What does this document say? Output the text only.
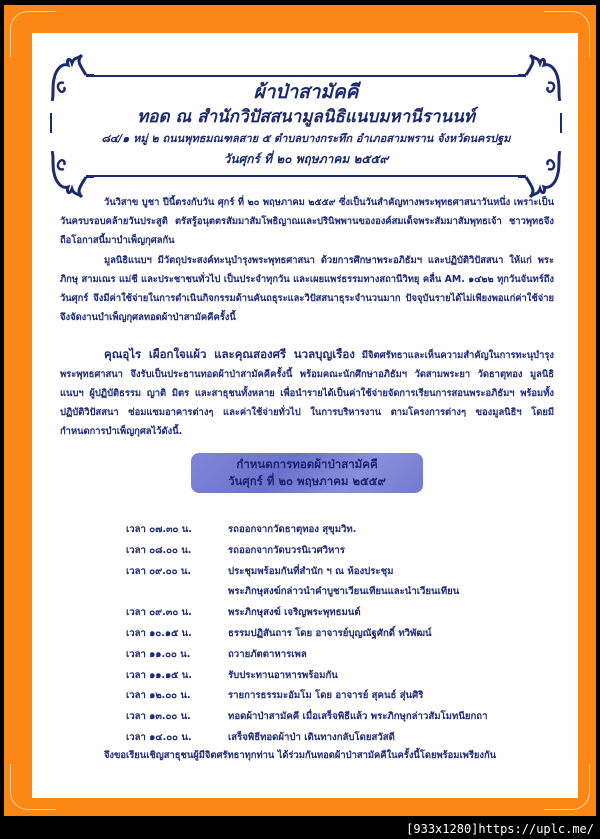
ผ้าป่าสามัคคี
ทอด ณ สำนักวิปัสสนามูลนิธิแนบมหานีรานนท์
๘๔/๑ หมู่ ๒ ถนนพุทธมณฑลสาย ๕ ตำบลบางกระทึก อำเภอสามพราน จังหวัดนครปฐม
วันศุกร์ ที่ ๒๐ พฤษภาคม ๒๕๕๙
วันวิสาข บูชา ปีนี้ตรงกับวัน ศุกร์ ที่ ๒๐ พฤษภาคม ๒๕๕๙ ซึ่งเป็นวันสำคัญทางพระพุทธศาสนาวันหนึ่ง เพราะเป็นวันครบรอบคล้ายวันประสูติ ตรัสรู้อนุตตรสัมมาสัมโพธิญาณและปรินิพพานขององค์สมเด็จพระสัมมาสัมพุทธเจ้า ชาวพุทธจึงถือโอกาสนี้มาบำเพ็ญกุศลกัน
มูลนิธิแนบฯ มีวัตถุประสงค์ทะนุบำรุงพระพุทธศาสนา ด้วยการศึกษาพระอภิธัมฯ และปฏิบัติวิปัสสนา ให้แก่ พระภิกษุ สามเณร แม่ชี และประชาชนทั่วไป เป็นประจำทุกวัน และเผยแพร่ธรรมทางสถานีวิทยุ คลื่น AM. ๑๔๒๒ ทุกวันจันทร์ถึงวันศุกร์ จึงมีค่าใช้จ่ายในการดำเนินกิจกรรมด้านคันถธุระและวิปัสสนาธุระจำนวนมาก ปัจจุบันรายได้ไม่เพียงพอแก่ค่าใช้จ่าย จึงจัดงานบำเพ็ญกุศลทอดผ้าป่าสามัคคีครั้งนี้
คุณอุไร เผือกใจแผ้ว และคุณสองศรี นวลบุญเรือง มีจิตศรัทธาและเห็นความสำคัญในการทะนุบำรุงพระพุทธศาสนา จึงรับเป็นประธานทอดผ้าป่าสามัคคีครั้งนี้ พร้อมคณะนักศึกษาอภิธัมฯ วัดสามพระยา วัดธาตุทอง มูลนิธิแนบฯ ผู้ปฏิบัติธรรม ญาติ มิตร และสาธุชนทั้งหลาย เพื่อนำรายได้เป็นค่าใช้จ่ายจัดการเรียนการสอนพระอภิธัมฯ พร้อมทั้งปฏิบัติวิปัสสนา ซ่อมแซมอาคารต่างๆ และค่าใช้จ่ายทั่วไป ในการบริหารงาน ตามโครงการต่างๆ ของมูลนิธิฯ โดยมีกำหนดการบำเพ็ญกุศลไว้ดังนี้.
กำหนดการทอดผ้าป่าสามัคคี
วันศุกร์ ที่ ๒๐ พฤษภาคม ๒๕๕๙
เวลา ๐๗.๓๐ น.	รถออกจากวัดธาตุทอง สุขุมวิท.
เวลา ๐๘.๐๐ น.	รถออกจากวัดบวรนิเวศวิหาร
เวลา ๐๙.๐๐ น.	ประชุมพร้อมกันที่สำนัก ฯ ณ ห้องประชุม
พระภิกษุสงฆ์กล่าวนำคำบูชาเวียนเทียนและนำเวียนเทียน
เวลา ๐๙.๓๐ น.	พระภิกษุสงฆ์ เจริญพระพุทธมนต์
เวลา ๑๐.๑๕ น.	ธรรมปฏิสันถาร โดย อาจารย์บุญณัฐศักดิ์ ทวิพัฒน์
เวลา ๑๑.๐๐ น.	ถวายภัตตาหารเพล
เวลา ๑๑.๑๕ น.	รับประทานอาหารพร้อมกัน
เวลา ๑๒.๐๐ น.	รายการธรรมะอัมโม โดย อาจารย์ สุคนธ์ สุ่นศิริ
เวลา ๑๓.๐๐ น.	ทอดผ้าป่าสามัคคี เมื่อเสร็จพิธีแล้ว พระภิกษุกล่าวสัมโมทนียกถา
เวลา ๑๔.๐๐ น.	เสร็จพิธีทอดผ้าป่า เดินทางกลับโดยสวัสดี
จึงขอเรียนเชิญสาธุชนผู้มีจิตศรัทธาทุกท่าน ได้ร่วมกันทอดผ้าป่าสามัคคีในครั้งนี้โดยพร้อมเพรียงกัน
[933x1280]https://uplc.me/
